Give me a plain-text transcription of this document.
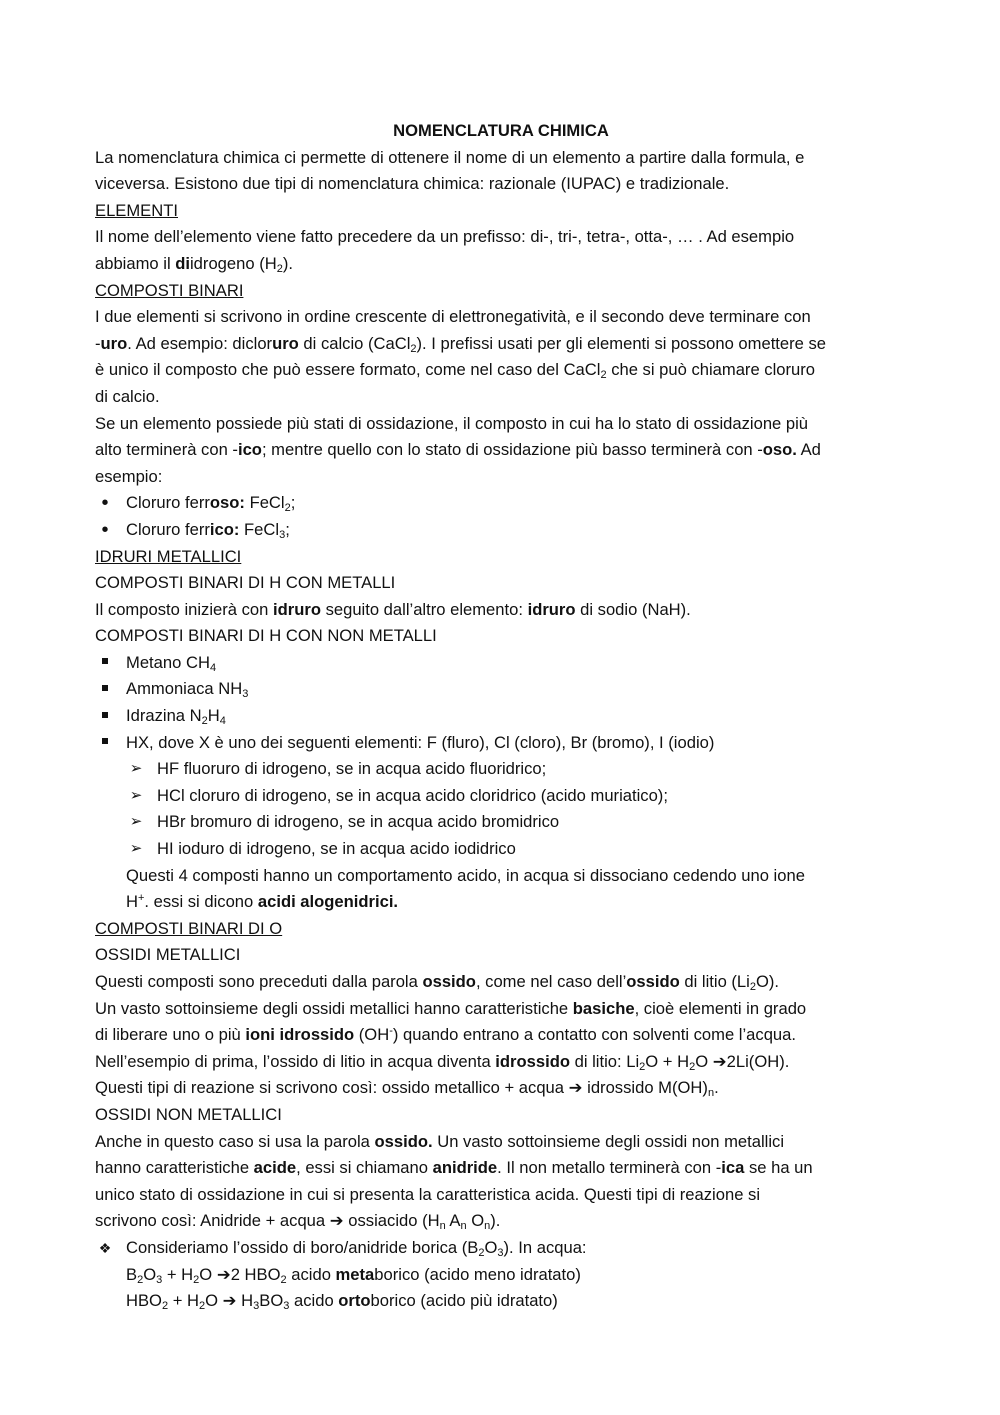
NOMENCLATURA CHIMICA
La nomenclatura chimica ci permette di ottenere il nome di un elemento a partire dalla formula, e
viceversa. Esistono due tipi di nomenclatura chimica: razionale (IUPAC) e tradizionale.
ELEMENTI
Il nome dell’elemento viene fatto precedere da un prefisso: di-, tri-, tetra-, otta-, … . Ad esempio
abbiamo il diidrogeno $(H_2)$.
COMPOSTI BINARI
I due elementi si scrivono in ordine crescente di elettronegatività, e il secondo deve terminare con
-uro. Ad esempio: dicloruro di calcio (CaCl$_2$). I prefissi usati per gli elementi si possono omettere se
è unico il composto che può essere formato, come nel caso del CaCl$_2$ che si può chiamare cloruro
di calcio.
Se un elemento possiede più stati di ossidazione, il composto in cui ha lo stato di ossidazione più
alto terminerà con -ico; mentre quello con lo stato di ossidazione più basso terminerà con -oso. Ad
esempio:
•	Cloruro ferroso: FeCl$_2$;
•	Cloruro ferrico: FeCl$_3$;
IDRURI METALLICI
COMPOSTI BINARI DI H CON METALLI
Il composto inizierà con idruro seguito dall’altro elemento: idruro di sodio (NaH).
COMPOSTI BINARI DI H CON NON METALLI
Metano $CH_4$
Ammoniaca $NH_3$
Idrazina $N_2H_4$
HX, dove X è uno dei seguenti elementi: F (fluro), Cl (cloro), Br (bromo), I (iodio)
➢ HF fluoruro di idrogeno, se in acqua acido fluoridrico;
➢ HCl cloruro di idrogeno, se in acqua acido cloridrico (acido muriatico);
➢ HBr bromuro di idrogeno, se in acqua acido bromidrico
➢ HI ioduro di idrogeno, se in acqua acido iodidrico
Questi 4 composti hanno un comportamento acido, in acqua si dissociano cedendo uno ione
H+. essi si dicono acidi alogenidrici.
COMPOSTI BINARI DI O
OSSIDI METALLICI
Questi composti sono preceduti dalla parola ossido, come nel caso dell’ossido di litio $(Li_2O)$.
Un vasto sottoinsieme degli ossidi metallici hanno caratteristiche basiche, cioè elementi in grado
di liberare uno o più ioni idrossido (OH-) quando entrano a contatto con solventi come l’acqua.
Nell’esempio di prima, l’ossido di litio in acqua diventa idrossido di litio: $Li_2O + H_2O$ ➔2Li(OH).
Questi tipi di reazione si scrivono così: ossido metallico + acqua ➔ idrossido $M(OH)_n$.
OSSIDI NON METALLICI
Anche in questo caso si usa la parola ossido. Un vasto sottoinsieme degli ossidi non metallici
hanno caratteristiche acide, essi si chiamano anidride. Il non metallo terminerà con -ica se ha un
unico stato di ossidazione in cui si presenta la caratteristica acida. Questi tipi di reazione si
scrivono così: Anidride + acqua ➔ ossiacido ($H_n$ $A_n$ $O_n$).
❖ Consideriamo l’ossido di boro/anidride borica $(B_2O_3)$. In acqua:
$B_2O_3 + H_2O$ ➔2 $HBO_2$ acido metaborico (acido meno idratato)
$HBO_2 + H_2O$ ➔ $H_3BO_3$ acido ortoborico (acido più idratato)
